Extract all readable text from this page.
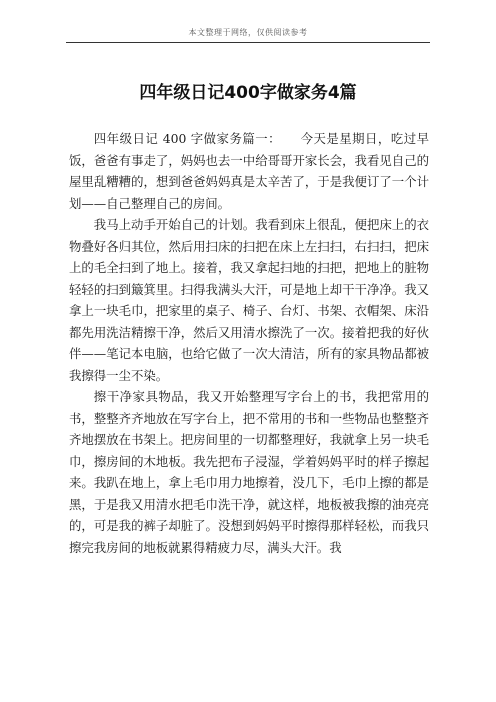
本文整理于网络，仅供阅读参考
四年级日记400字做家务4篇

四年级日记 400 字做家务篇一：　　今天是星期日，吃过早饭，爸爸有事走了，妈妈也去一中给哥哥开家长会，我看见自己的屋里乱糟糟的，想到爸爸妈妈真是太辛苦了，于是我便订了一个计划——自己整理自己的房间。

我马上动手开始自己的计划。我看到床上很乱，便把床上的衣物叠好各归其位，然后用扫床的扫把在床上左扫扫，右扫扫，把床上的毛全扫到了地上。接着，我又拿起扫地的扫把，把地上的脏物轻轻的扫到簸箕里。扫得我满头大汗，可是地上却干干净净。我又拿上一块毛巾，把家里的桌子、椅子、台灯、书架、衣帽架、床沿都先用洗洁精擦干净，然后又用清水擦洗了一次。接着把我的好伙伴——笔记本电脑，也给它做了一次大清洁，所有的家具物品都被我擦得一尘不染。

擦干净家具物品，我又开始整理写字台上的书，我把常用的书，整整齐齐地放在写字台上，把不常用的书和一些物品也整整齐齐地摆放在书架上。把房间里的一切都整理好，我就拿上另一块毛巾，擦房间的木地板。我先把布子浸湿，学着妈妈平时的样子擦起来。我趴在地上，拿上毛巾用力地擦着，没几下，毛巾上擦的都是黑，于是我又用清水把毛巾洗干净，就这样，地板被我擦的油亮亮的，可是我的裤子却脏了。没想到妈妈平时擦得那样轻松，而我只擦完我房间的地板就累得精疲力尽，满头大汗。我
